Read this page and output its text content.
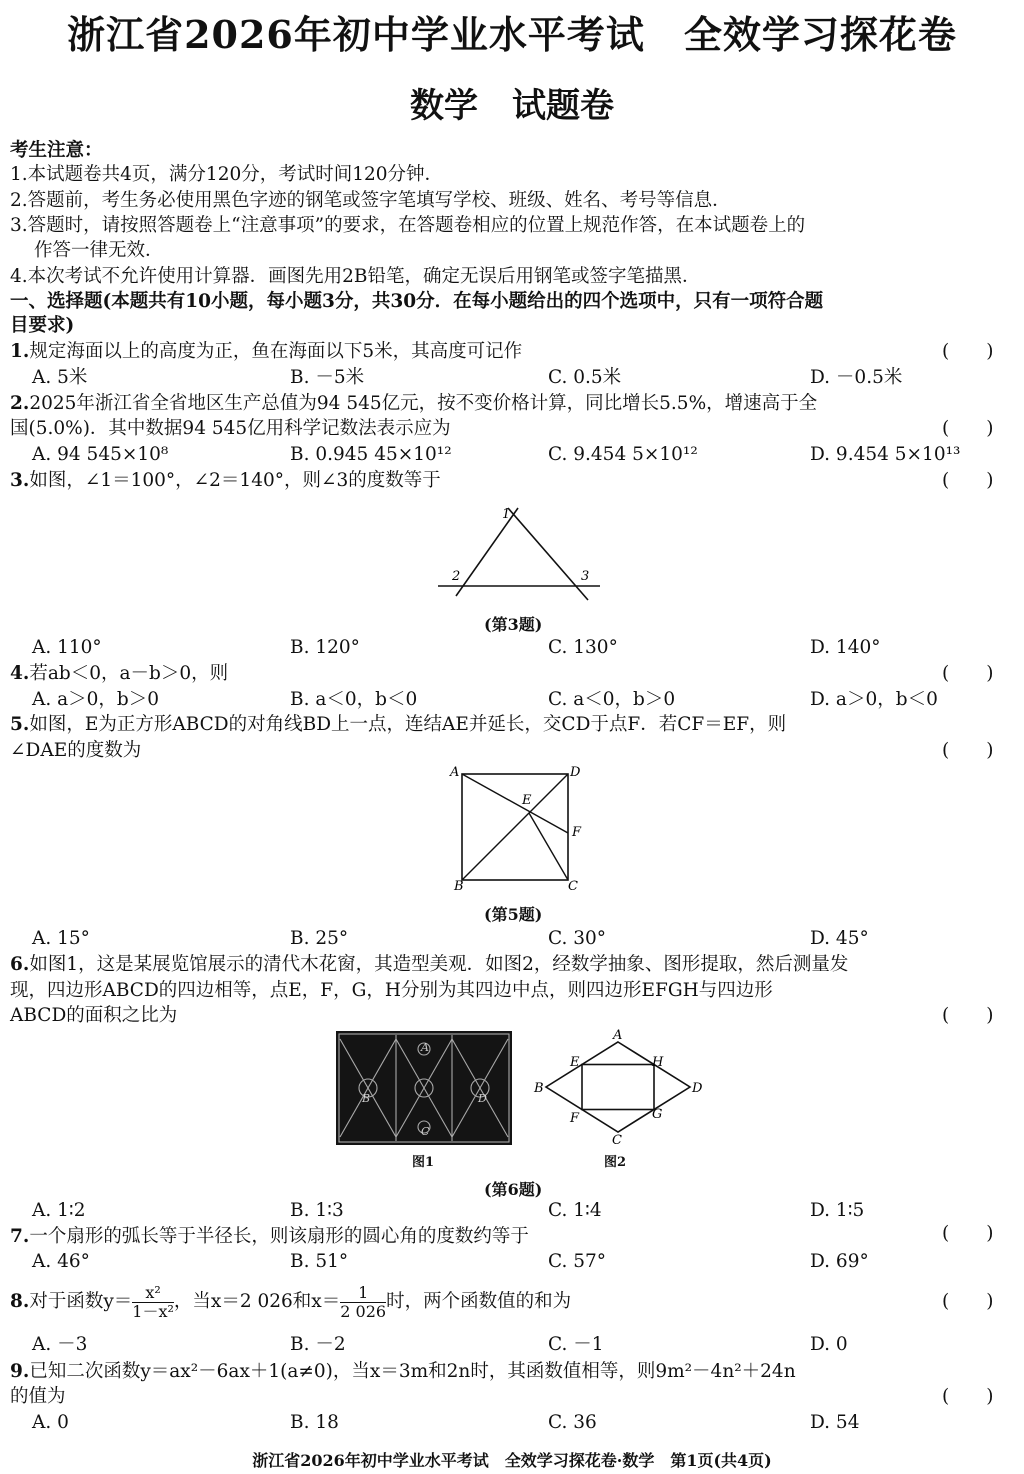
浙江省2026年初中学业水平考试　全效学习探花卷
数学　试题卷
考生注意：
1.本试题卷共4页，满分120分，考试时间120分钟．
2.答题前，考生务必使用黑色字迹的钢笔或签字笔填写学校、班级、姓名、考号等信息．
3.答题时，请按照答题卷上“注意事项”的要求，在答题卷相应的位置上规范作答，在本试题卷上的
作答一律无效．
4.本次考试不允许使用计算器．画图先用2B铅笔，确定无误后用钢笔或签字笔描黑．
一、选择题(本题共有10小题，每小题3分，共30分．在每小题给出的四个选项中，只有一项符合题
目要求)
1.规定海面以上的高度为正，鱼在海面以下5米，其高度可记作	(　　)
A. 5米	B. －5米	C. 0.5米	D. －0.5米
2.2025年浙江省全省地区生产总值为94 545亿元，按不变价格计算，同比增长5.5%，增速高于全
国(5.0%)．其中数据94 545亿用科学记数法表示应为	(　　)
A. 94 545×10⁸	B. 0.945 45×10¹²	C. 9.454 5×10¹²	D. 9.454 5×10¹³
3.如图，∠1＝100°，∠2＝140°，则∠3的度数等于	(　　)
1
2	3
(第3题)
A. 110°	B. 120°	C. 130°	D. 140°
4.若ab＜0，a－b＞0，则	(　　)
A. a＞0，b＞0	B. a＜0，b＜0	C. a＜0，b＞0	D. a＞0，b＜0
5.如图，E为正方形ABCD的对角线BD上一点，连结AE并延长，交CD于点F．若CF＝EF，则
∠DAE的度数为	(　　)
A	D
E
F
B	C
(第5题)
A. 15°	B. 25°	C. 30°	D. 45°
6.如图1，这是某展览馆展示的清代木花窗，其造型美观．如图2，经数学抽象、图形提取，然后测量发
现，四边形ABCD的四边相等，点E，F，G，H分别为其四边中点，则四边形EFGH与四边形
ABCD的面积之比为	(　　)
A
B	D
C
图1
A
E	H
B	D
F	G
C
图2
(第6题)
A. 1∶2	B. 1∶3	C. 1∶4	D. 1∶5
7.一个扇形的弧长等于半径长，则该扇形的圆心角的度数约等于	(　　)
A. 46°	B. 51°	C. 57°	D. 69°
8.对于函数$y= \frac{\text{x²}}{\text{1－x²}}$ ，当x＝2 026和$x= \frac{1}{2 026}$ 时，两个函数值的和为	(　　)
A. －3	B. －2	C. －1	D. 0
9.已知二次函数y＝ax²－6ax＋1(a≠0)，当x＝3m和2n时，其函数值相等，则9m²－4n²＋24n
的值为	(　　)
A. 0	B. 18	C. 36	D. 54
浙江省2026年初中学业水平考试　全效学习探花卷·数学　第1页(共4页)
